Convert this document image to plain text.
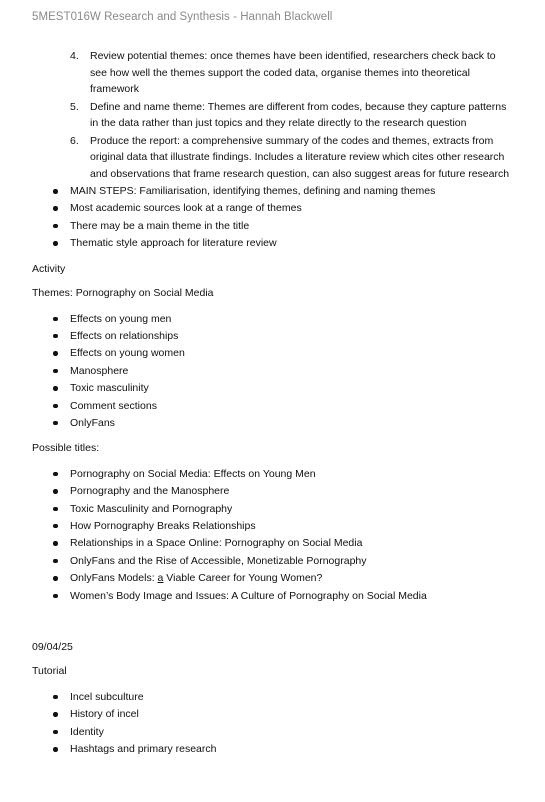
5MEST016W Research and Synthesis - Hannah Blackwell
4. Review potential themes: once themes have been identified, researchers check back to see how well the themes support the coded data, organise themes into theoretical framework
5. Define and name theme: Themes are different from codes, because they capture patterns in the data rather than just topics and they relate directly to the research question
6. Produce the report: a comprehensive summary of the codes and themes, extracts from original data that illustrate findings. Includes a literature review which cites other research and observations that frame research question, can also suggest areas for future research
MAIN STEPS: Familiarisation, identifying themes, defining and naming themes
Most academic sources look at a range of themes
There may be a main theme in the title
Thematic style approach for literature review

Activity

Themes: Pornography on Social Media

Effects on young men
Effects on relationships
Effects on young women
Manosphere
Toxic masculinity
Comment sections
OnlyFans

Possible titles:

Pornography on Social Media: Effects on Young Men
Pornography and the Manosphere
Toxic Masculinity and Pornography
How Pornography Breaks Relationships
Relationships in a Space Online: Pornography on Social Media
OnlyFans and the Rise of Accessible, Monetizable Pornography
OnlyFans Models: a Viable Career for Young Women?
Women’s Body Image and Issues: A Culture of Pornography on Social Media

09/04/25

Tutorial

Incel subculture
History of incel
Identity
Hashtags and primary research
